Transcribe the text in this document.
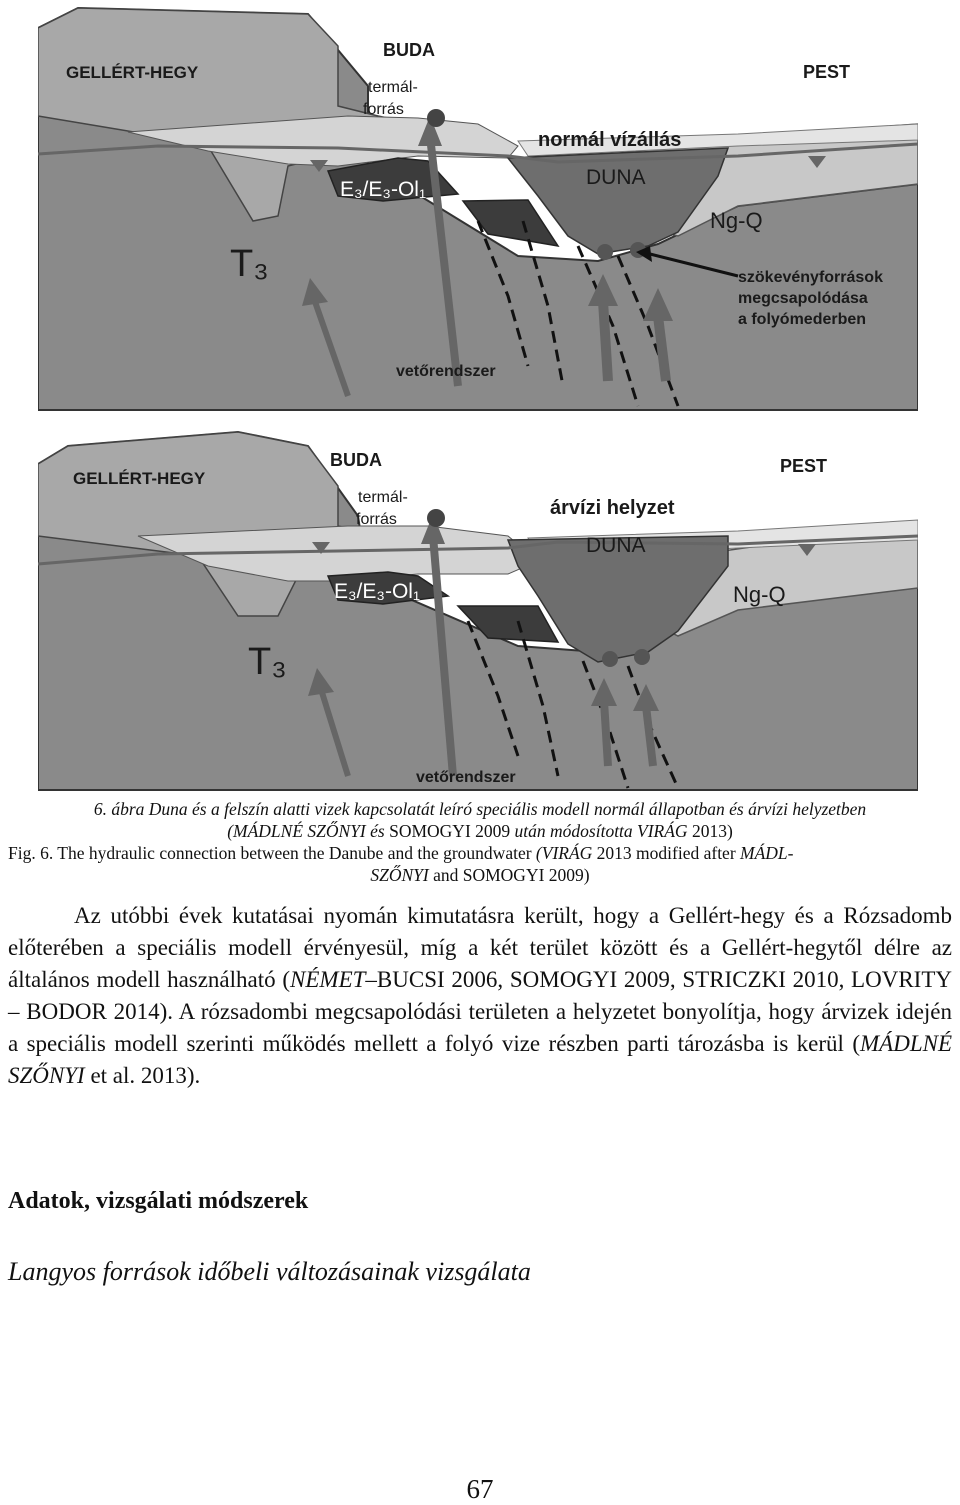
GELLÉRT-HEGY
BUDA
PEST
termál-
forrás
normál vízállás
DUNA
Ng-Q
E₃/E₃-Ol₁
T₃	szökevényforrások
megcsapolódása
a folyómederben
vetőrendszer
GELLÉRT-HEGY
BUDA	PEST
termál-
forrás
árvízi helyzet
DUNA
Ng-Q
E₃/E₃-Ol₁
T₃
vetőrendszer
6. ábra Duna és a felszín alatti vizek kapcsolatát leíró speciális modell normál állapotban és árvízi helyzetben
(MÁDLNÉ SZŐNYI és SOMOGYI 2009 után módosította VIRÁG 2013)
Fig. 6. The hydraulic connection between the Danube and the groundwater (VIRÁG 2013 modified after MÁDL-
SZŐNYI and SOMOGYI 2009)
Az utóbbi évek kutatásai nyomán kimutatásra került, hogy a Gellért-hegy és a Rózsadomb előterében a speciális modell érvényesül, míg a két terület között és a Gellért-hegytől délre az általános modell használható (NÉMET–BUCSI 2006, SOMOGYI 2009, STRICZKI 2010, LOVRITY – BODOR 2014). A rózsadombi megcsapolódási területen a helyzetet bonyolítja, hogy árvizek idején a speciális modell szerinti működés mellett a folyó vize részben parti tározásba is kerül (MÁDLNÉ SZŐNYI et al. 2013).
Adatok, vizsgálati módszerek
Langyos források időbeli változásainak vizsgálata
67
